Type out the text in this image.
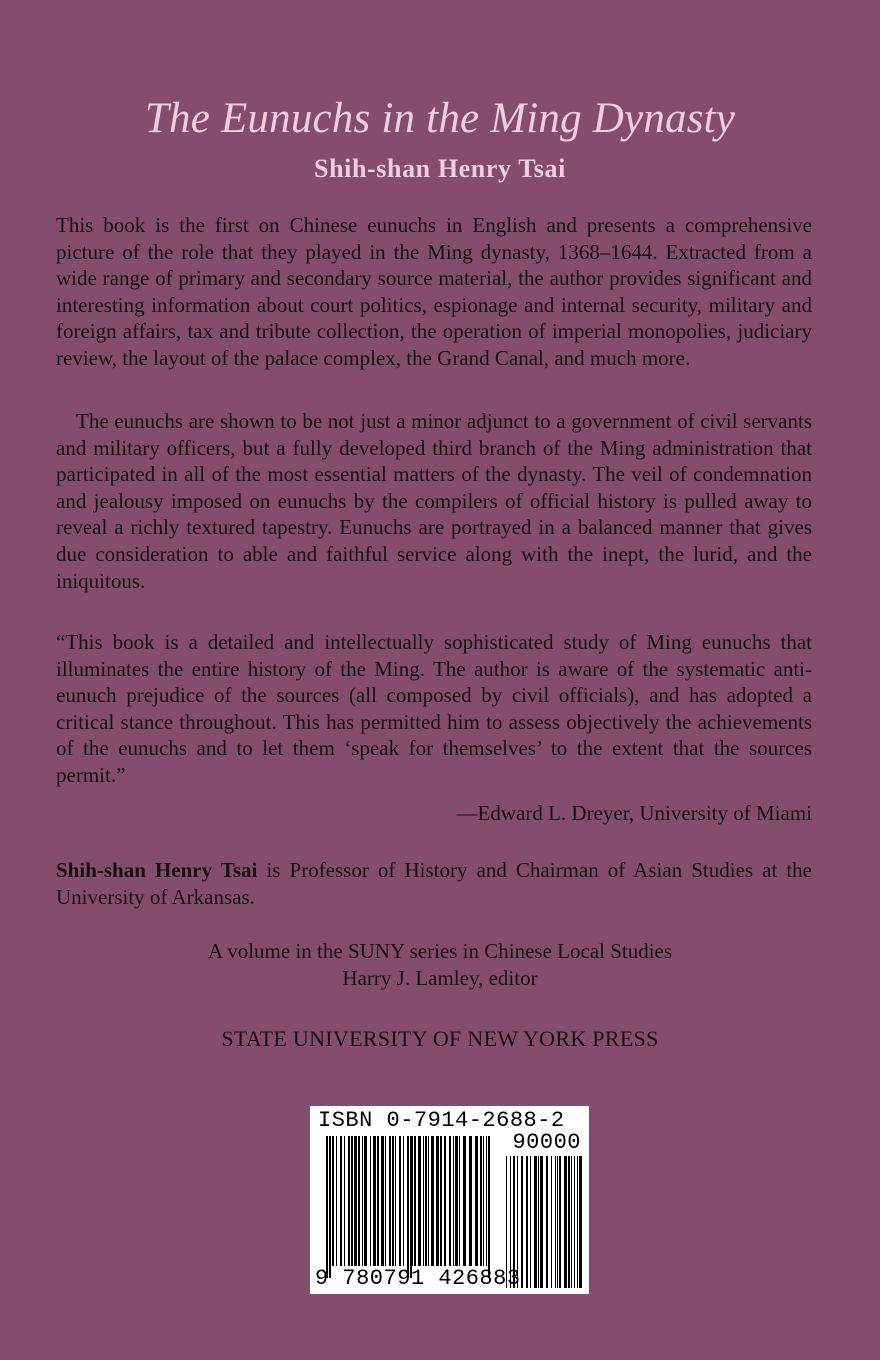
The Eunuchs in the Ming Dynasty
Shih-shan Henry Tsai

This book is the first on Chinese eunuchs in English and presents a comprehensive picture of the role that they played in the Ming dynasty, 1368–1644. Extracted from a wide range of primary and secondary source material, the author provides significant and interesting information about court politics, espionage and internal security, military and foreign affairs, tax and tribute collection, the operation of imperial monopolies, judiciary review, the layout of the palace complex, the Grand Canal, and much more.

The eunuchs are shown to be not just a minor adjunct to a government of civil servants and military officers, but a fully developed third branch of the Ming administration that participated in all of the most essential matters of the dynasty. The veil of condemnation and jealousy imposed on eunuchs by the compilers of official history is pulled away to reveal a richly textured tapestry. Eunuchs are portrayed in a balanced manner that gives due consideration to able and faithful service along with the inept, the lurid, and the iniquitous.

“This book is a detailed and intellectually sophisticated study of Ming eunuchs that illuminates the entire history of the Ming. The author is aware of the systematic anti-eunuch prejudice of the sources (all composed by civil officials), and has adopted a critical stance throughout. This has permitted him to assess objectively the achievements of the eunuchs and to let them ‘speak for themselves’ to the extent that the sources permit.”

—Edward L. Dreyer, University of Miami

Shih-shan Henry Tsai is Professor of History and Chairman of Asian Studies at the University of Arkansas.

A volume in the SUNY series in Chinese Local Studies
Harry J. Lamley, editor
STATE UNIVERSITY OF NEW YORK PRESS
ISBN 0-7914-2688-2
90000
9 780791 426883
